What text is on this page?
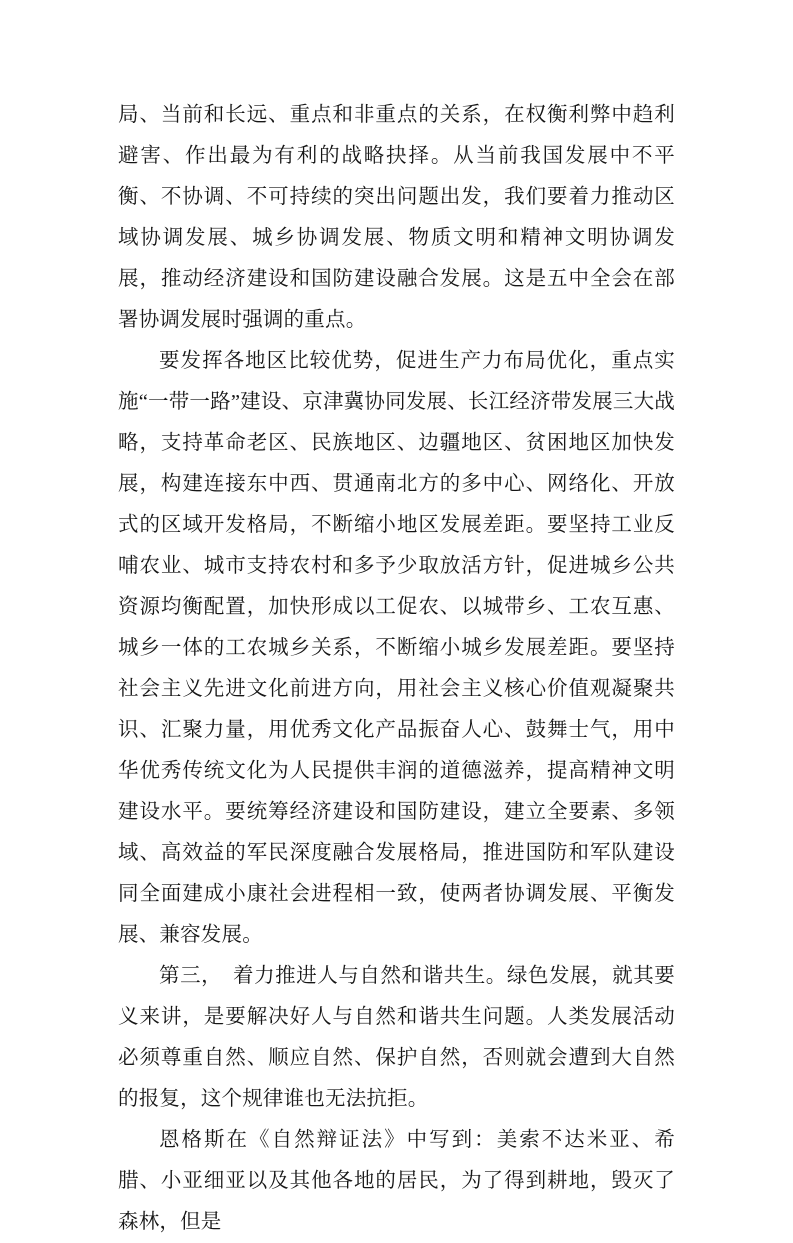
局、当前和长远、重点和非重点的关系，在权衡利弊中趋利避害、作出最为有利的战略抉择。从当前我国发展中不平衡、不协调、不可持续的突出问题出发，我们要着力推动区域协调发展、城乡协调发展、物质文明和精神文明协调发展，推动经济建设和国防建设融合发展。这是五中全会在部署协调发展时强调的重点。

要发挥各地区比较优势，促进生产力布局优化，重点实施“一带一路”建设、京津冀协同发展、长江经济带发展三大战略，支持革命老区、民族地区、边疆地区、贫困地区加快发展，构建连接东中西、贯通南北方的多中心、网络化、开放式的区域开发格局，不断缩小地区发展差距。要坚持工业反哺农业、城市支持农村和多予少取放活方针，促进城乡公共资源均衡配置，加快形成以工促农、以城带乡、工农互惠、城乡一体的工农城乡关系，不断缩小城乡发展差距。要坚持社会主义先进文化前进方向，用社会主义核心价值观凝聚共识、汇聚力量，用优秀文化产品振奋人心、鼓舞士气，用中华优秀传统文化为人民提供丰润的道德滋养，提高精神文明建设水平。要统筹经济建设和国防建设，建立全要素、多领域、高效益的军民深度融合发展格局，推进国防和军队建设同全面建成小康社会进程相一致，使两者协调发展、平衡发展、兼容发展。

第三，　着力推进人与自然和谐共生。绿色发展，就其要义来讲，是要解决好人与自然和谐共生问题。人类发展活动必须尊重自然、顺应自然、保护自然，否则就会遭到大自然的报复，这个规律谁也无法抗拒。

恩格斯在《自然辩证法》中写到：美索不达米亚、希腊、小亚细亚以及其他各地的居民，为了得到耕地，毁灭了森林，但是
